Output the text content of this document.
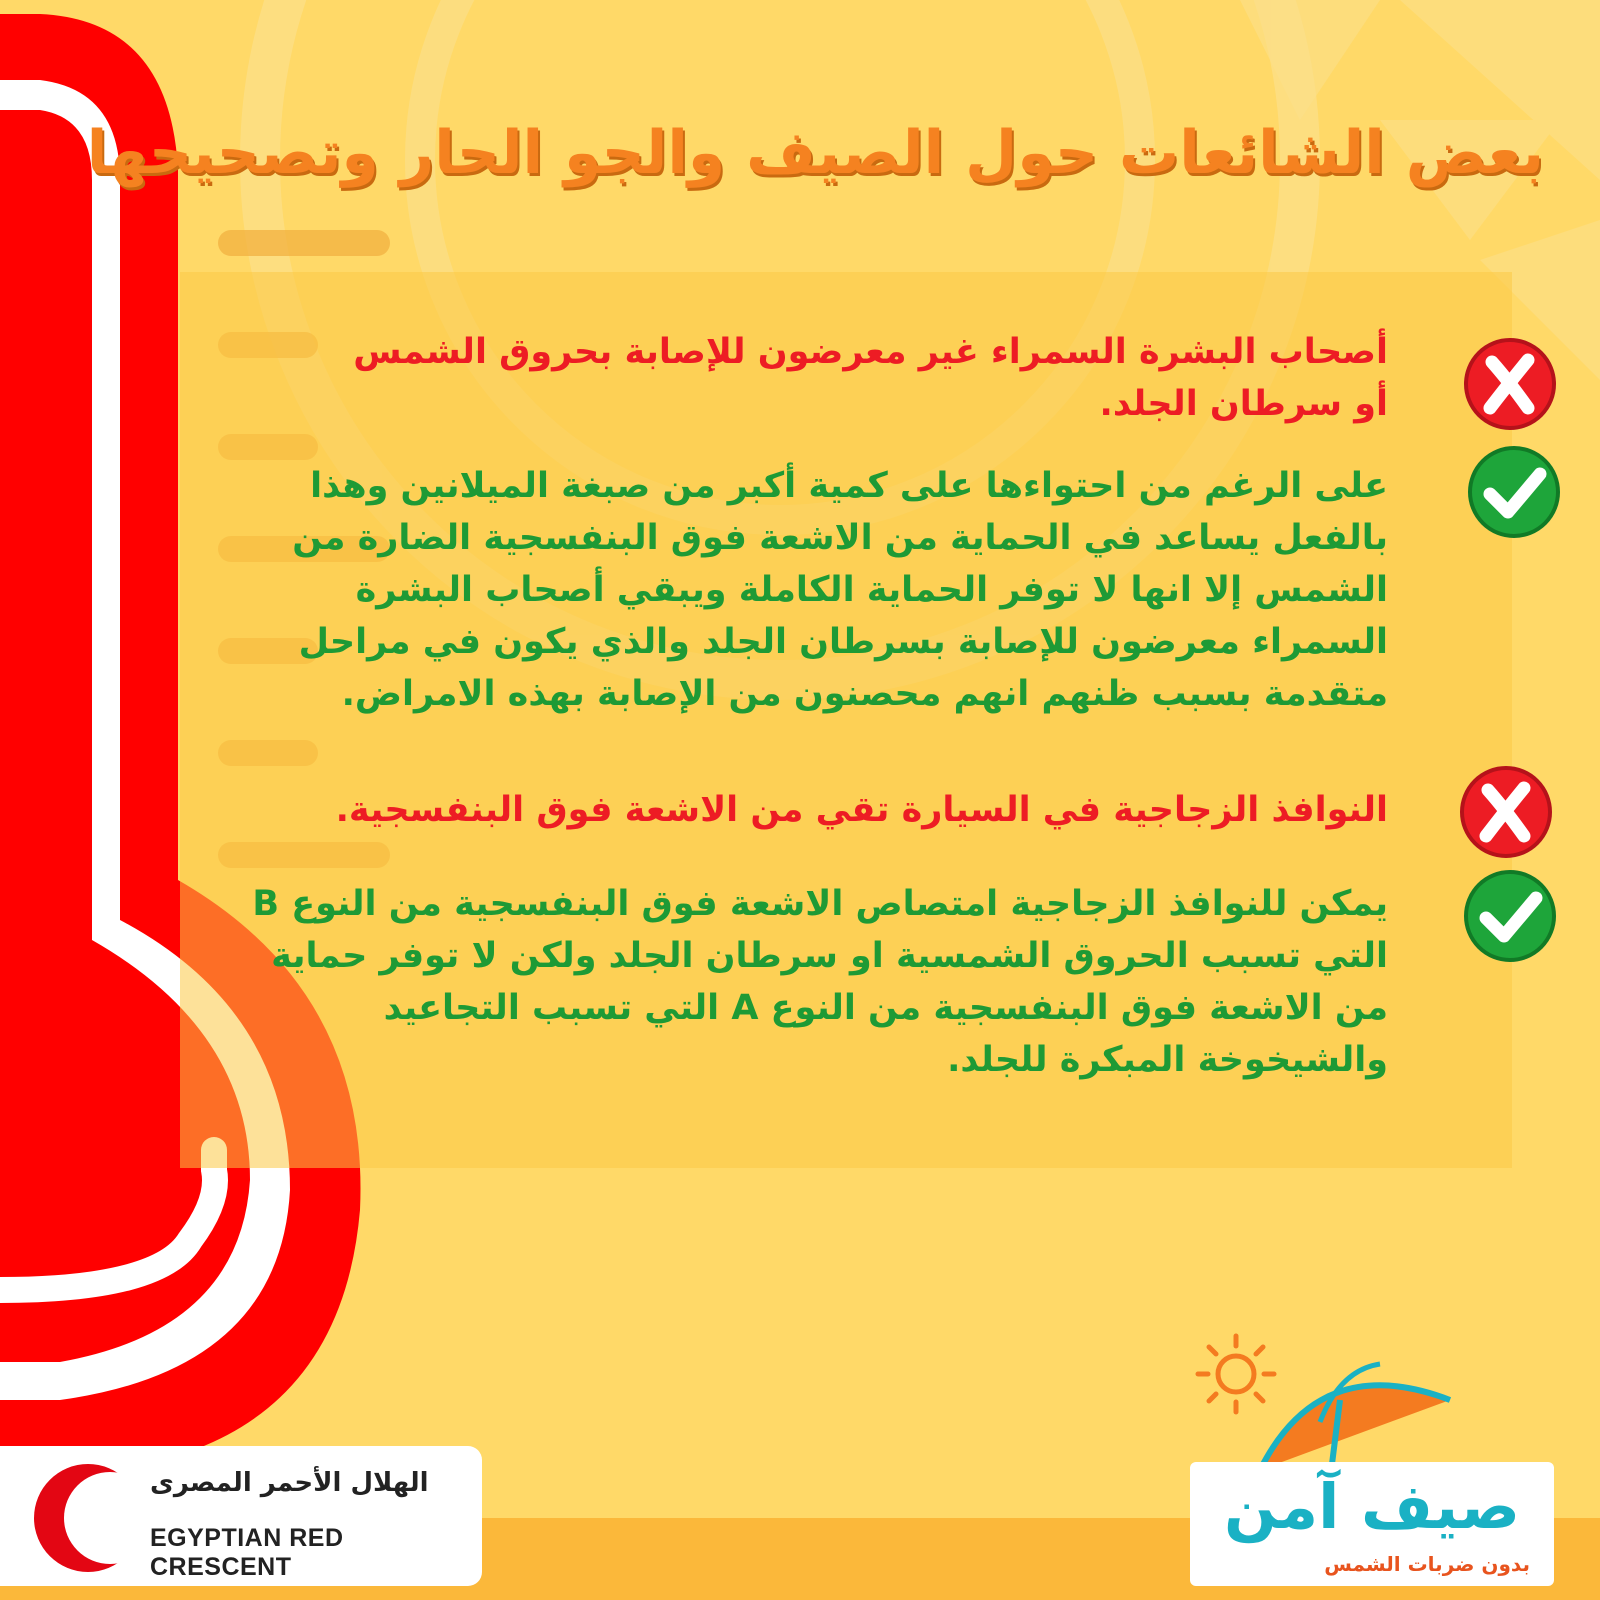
بعض الشائعات حول الصيف والجو الحار وتصحيحها
أصحاب البشرة السمراء غير معرضون للإصابة بحروق الشمس أو سرطان الجلد.
على الرغم من احتواءها على كمية أكبر من صبغة الميلانين وهذا بالفعل يساعد في الحماية من الاشعة فوق البنفسجية الضارة من الشمس إلا انها لا توفر الحماية الكاملة ويبقي أصحاب البشرة السمراء معرضون للإصابة بسرطان الجلد والذي يكون في مراحل متقدمة بسبب ظنهم انهم محصنون من الإصابة بهذه الامراض.
النوافذ الزجاجية في السيارة تقي من الاشعة فوق البنفسجية.
يمكن للنوافذ الزجاجية امتصاص الاشعة فوق البنفسجية من النوع B التي تسبب الحروق الشمسية او سرطان الجلد ولكن لا توفر حماية من الاشعة فوق البنفسجية من النوع A التي تسبب التجاعيد والشيخوخة المبكرة للجلد.
الهلال الأحمر المصرى
EGYPTIAN RED CRESCENT
صيف آمن
بدون ضربات الشمس
